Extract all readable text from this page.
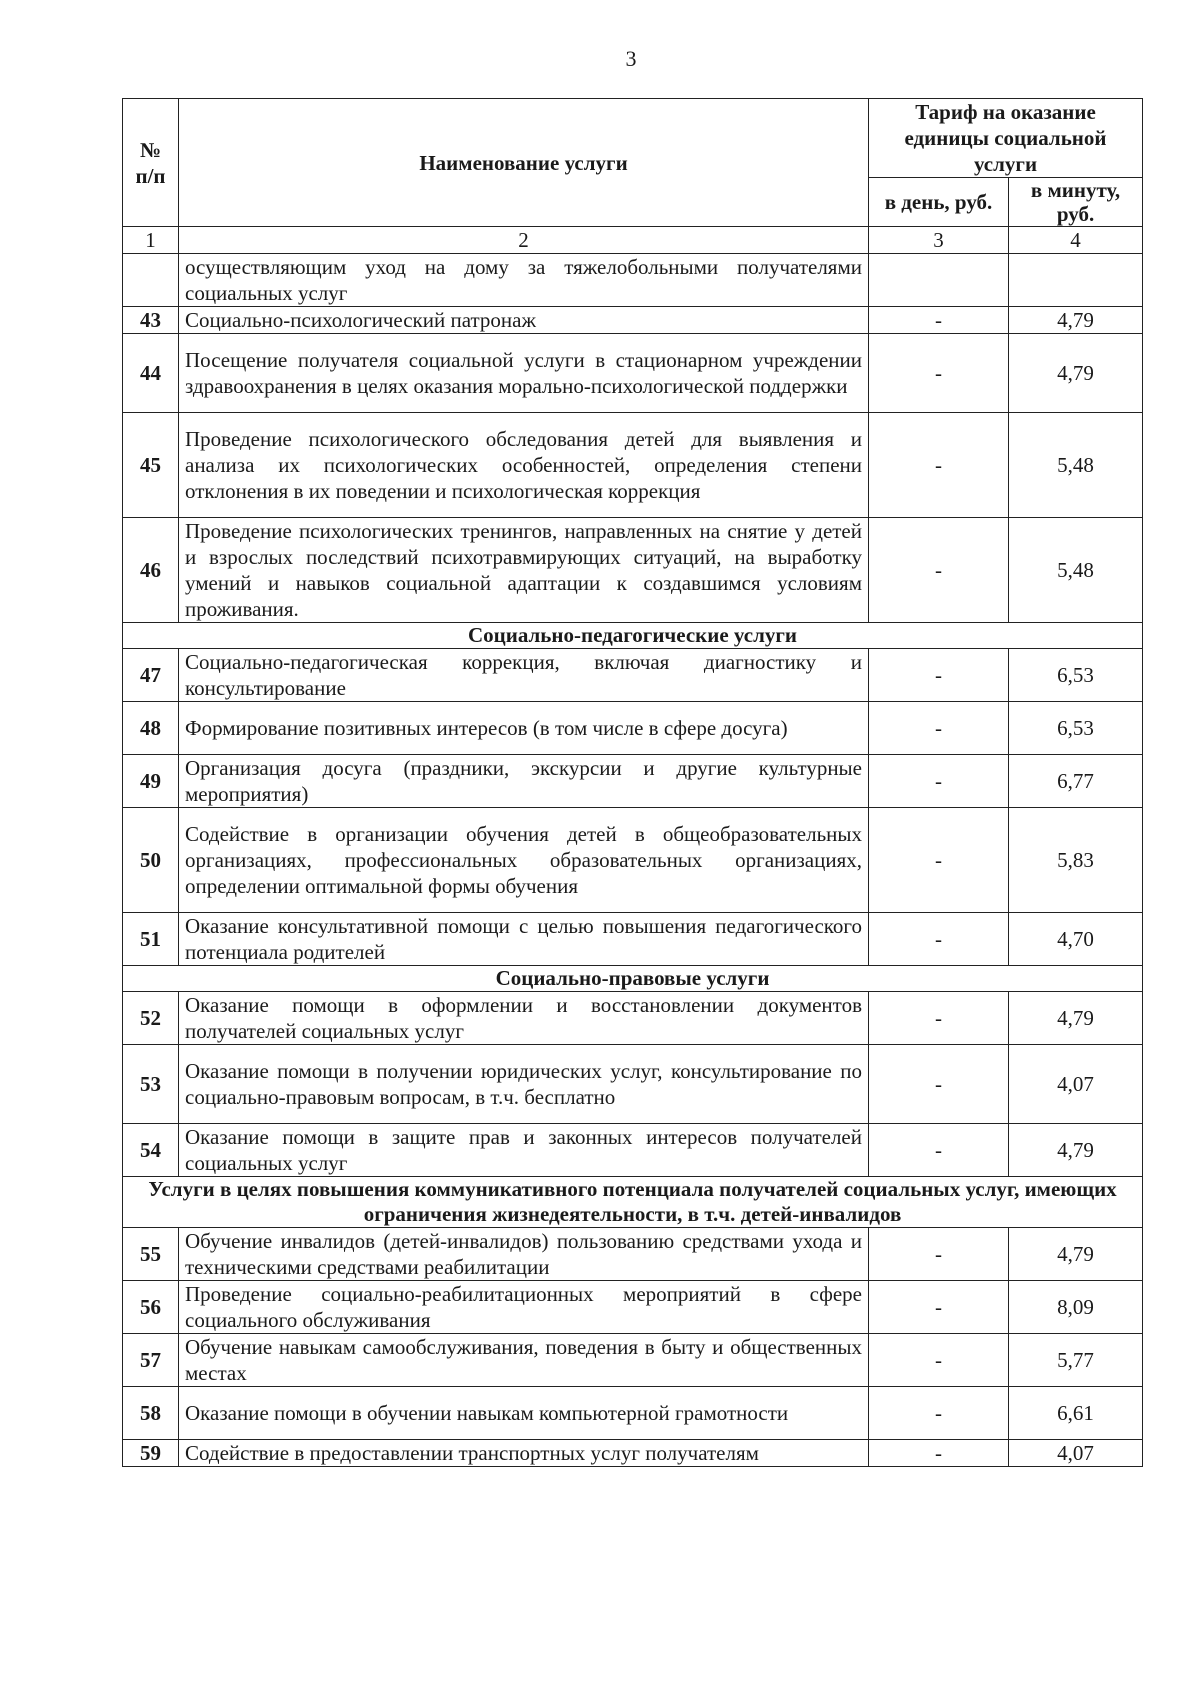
3
№ п/п	Наименование услуги	Тариф на оказание единицы социальной услуги	
		в день, руб.	в минуту, руб.
1	2	3	4
	осуществляющим уход на дому за тяжелобольными получателями социальных услуг		
43	Социально-психологический патронаж	-	4,79
44	Посещение получателя социальной услуги в стационарном учреждении здравоохранения в целях оказания морально-психологической поддержки	-	4,79
45	Проведение психологического обследования детей для выявления и анализа их психологических особенностей, определения степени отклонения в их поведении и психологическая коррекция	-	5,48
46	Проведение психологических тренингов, направленных на снятие у детей и взрослых последствий психотравмирующих ситуаций, на выработку умений и навыков социальной адаптации к создавшимся условиям проживания.	-	5,48
Социально-педагогические услуги			
47	Социально-педагогическая коррекция, включая диагностику и консультирование	-	6,53
48	Формирование позитивных интересов (в том числе в сфере досуга)	-	6,53
49	Организация досуга (праздники, экскурсии и другие культурные мероприятия)	-	6,77
50	Содействие в организации обучения детей в общеобразовательных организациях, профессиональных образовательных организациях, определении оптимальной формы обучения	-	5,83
51	Оказание консультативной помощи с целью повышения педагогического потенциала родителей	-	4,70
Социально-правовые услуги			
52	Оказание помощи в оформлении и восстановлении документов получателей социальных услуг	-	4,79
53	Оказание помощи в получении юридических услуг, консультирование по социально-правовым вопросам, в т.ч. бесплатно	-	4,07
54	Оказание помощи в защите прав и законных интересов получателей социальных услуг	-	4,79
Услуги в целях повышения коммуникативного потенциала получателей социальных услуг, имеющих ограничения жизнедеятельности, в т.ч. детей-инвалидов			
55	Обучение инвалидов (детей-инвалидов) пользованию средствами ухода и техническими средствами реабилитации	-	4,79
56	Проведение социально-реабилитационных мероприятий в сфере социального обслуживания	-	8,09
57	Обучение навыкам самообслуживания, поведения в быту и общественных местах	-	5,77
58	Оказание помощи в обучении навыкам компьютерной грамотности	-	6,61
59	Содействие в предоставлении транспортных услуг получателям	-	4,07
